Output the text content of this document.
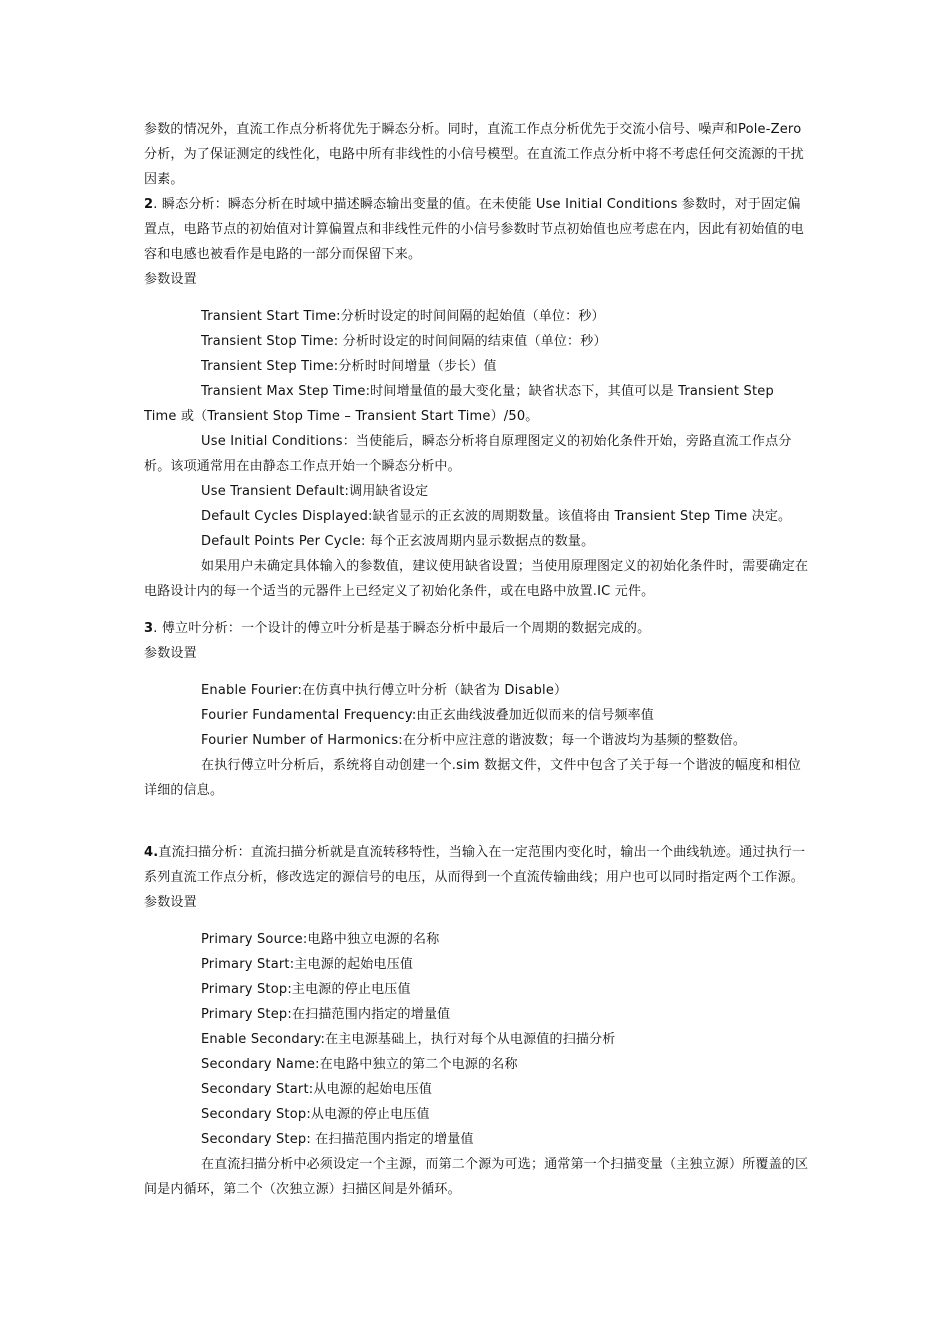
参数的情况外，直流工作点分析将优先于瞬态分析。同时，直流工作点分析优先于交流小信号、噪声和Pole-Zero分析，为了保证测定的线性化，电路中所有非线性的小信号模型。在直流工作点分析中将不考虑任何交流源的干扰因素。

2. 瞬态分析：瞬态分析在时域中描述瞬态输出变量的值。在未使能 Use Initial Conditions 参数时，对于固定偏置点，电路节点的初始值对计算偏置点和非线性元件的小信号参数时节点初始值也应考虑在内，因此有初始值的电容和电感也被看作是电路的一部分而保留下来。

参数设置

Transient Start Time:分析时设定的时间间隔的起始值（单位：秒）

Transient Stop Time: 分析时设定的时间间隔的结束值（单位：秒）

Transient Step Time:分析时时间增量（步长）值

Transient Max Step Time:时间增量值的最大变化量；缺省状态下，其值可以是 Transient Step Time 或（Transient Stop Time – Transient Start Time）/50。

Use Initial Conditions：当使能后，瞬态分析将自原理图定义的初始化条件开始，旁路直流工作点分析。该项通常用在由静态工作点开始一个瞬态分析中。

Use Transient Default:调用缺省设定

Default Cycles Displayed:缺省显示的正玄波的周期数量。该值将由 Transient Step Time 决定。

Default Points Per Cycle: 每个正玄波周期内显示数据点的数量。

如果用户未确定具体输入的参数值，建议使用缺省设置；当使用原理图定义的初始化条件时，需要确定在电路设计内的每一个适当的元器件上已经定义了初始化条件，或在电路中放置.IC 元件。

3. 傅立叶分析：一个设计的傅立叶分析是基于瞬态分析中最后一个周期的数据完成的。

参数设置

Enable Fourier:在仿真中执行傅立叶分析（缺省为 Disable）

Fourier Fundamental Frequency:由正玄曲线波叠加近似而来的信号频率值

Fourier Number of Harmonics:在分析中应注意的谐波数；每一个谐波均为基频的整数倍。

在执行傅立叶分析后，系统将自动创建一个.sim 数据文件，文件中包含了关于每一个谐波的幅度和相位详细的信息。

4.直流扫描分析：直流扫描分析就是直流转移特性，当输入在一定范围内变化时，输出一个曲线轨迹。通过执行一系列直流工作点分析，修改选定的源信号的电压，从而得到一个直流传输曲线；用户也可以同时指定两个工作源。

参数设置

Primary Source:电路中独立电源的名称

Primary Start:主电源的起始电压值

Primary Stop:主电源的停止电压值

Primary Step:在扫描范围内指定的增量值

Enable Secondary:在主电源基础上，执行对每个从电源值的扫描分析

Secondary Name:在电路中独立的第二个电源的名称

Secondary Start:从电源的起始电压值

Secondary Stop:从电源的停止电压值

Secondary Step: 在扫描范围内指定的增量值

在直流扫描分析中必须设定一个主源，而第二个源为可选；通常第一个扫描变量（主独立源）所覆盖的区间是内循环，第二个（次独立源）扫描区间是外循环。
